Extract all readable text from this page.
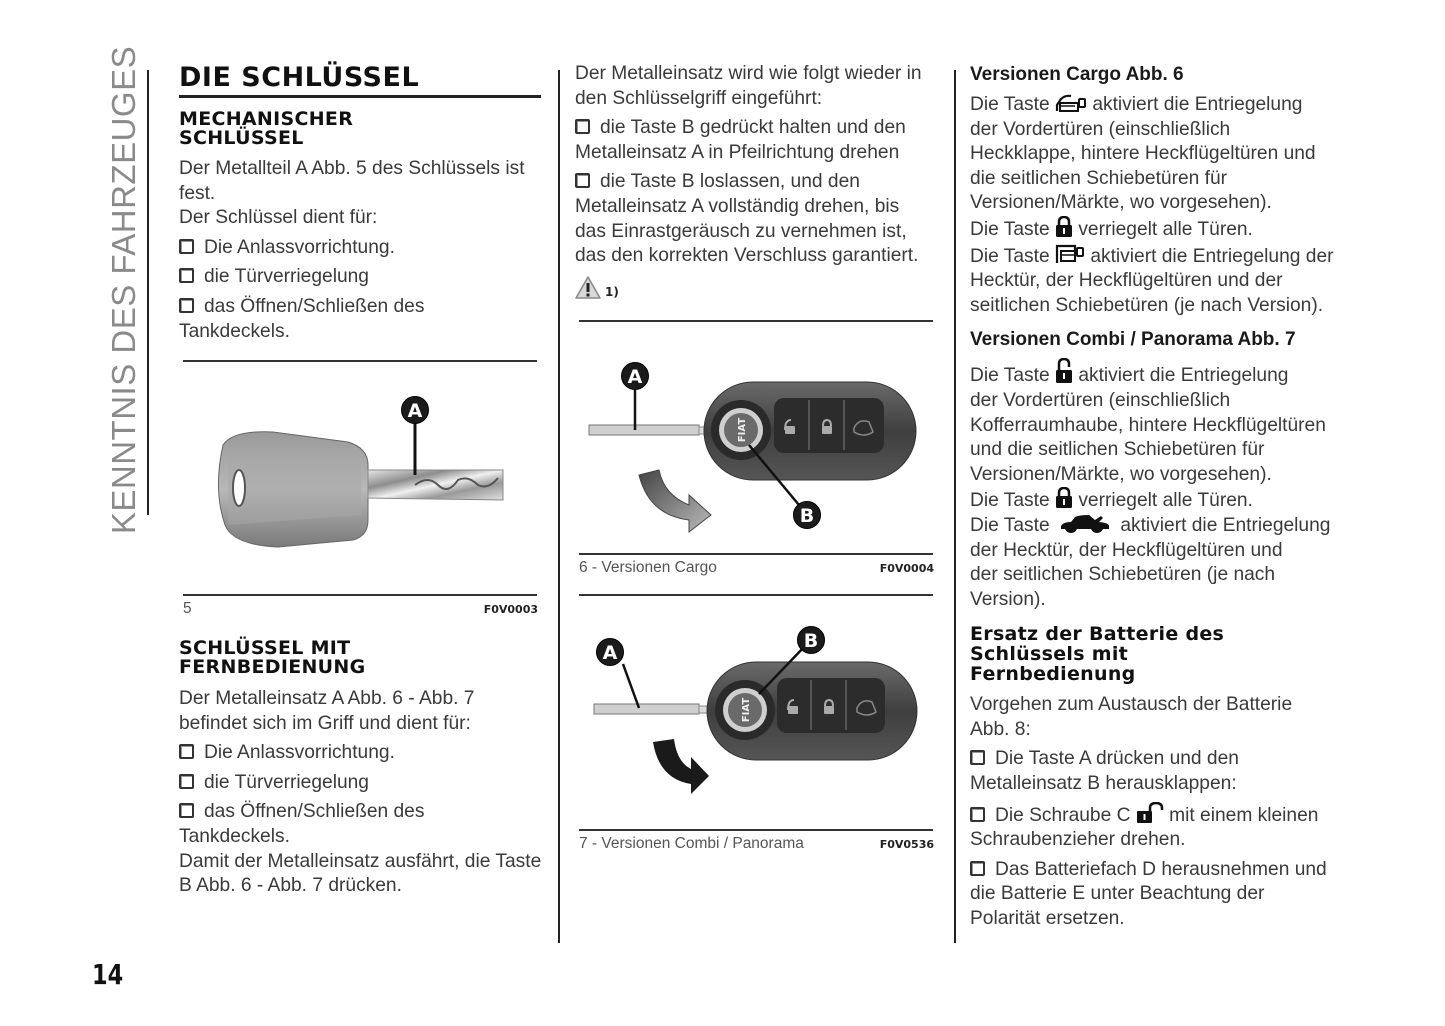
KENNTNIS DES FAHRZEUGES
14
DIE SCHLÜSSEL
MECHANISCHER
SCHLÜSSEL
Der Metallteil A Abb. 5 des Schlüssels ist
fest.
Der Schlüssel dient für:
Die Anlassvorrichtung.
die Türverriegelung
das Öffnen/Schließen des
Tankdeckels.
A
5	F0V0003
SCHLÜSSEL MIT
FERNBEDIENUNG
Der Metalleinsatz A Abb. 6 - Abb. 7
befindet sich im Griff und dient für:
Die Anlassvorrichtung.
die Türverriegelung
das Öffnen/Schließen des
Tankdeckels.
Damit der Metalleinsatz ausfährt, die Taste
B Abb. 6 - Abb. 7 drücken.
Der Metalleinsatz wird wie folgt wieder in
den Schlüsselgriff eingeführt:
die Taste B gedrückt halten und den
Metalleinsatz A in Pfeilrichtung drehen
die Taste B loslassen, und den
Metalleinsatz A vollständig drehen, bis
das Einrastgeräusch zu vernehmen ist,
das den korrekten Verschluss garantiert.
1)
FIAT
A
B
6 - Versionen Cargo	F0V0004
FIAT
A
B
7 - Versionen Combi / Panorama	F0V0536
Versionen Cargo Abb. 6
Die Taste aktiviert die Entriegelung
der Vordertüren (einschließlich
Heckklappe, hintere Heckflügeltüren und
die seitlichen Schiebetüren für
Versionen/Märkte, wo vorgesehen).
Die Taste verriegelt alle Türen.
Die Taste aktiviert die Entriegelung der
Hecktür, der Heckflügeltüren und der
seitlichen Schiebetüren (je nach Version).
Versionen Combi / Panorama Abb. 7
Die Taste aktiviert die Entriegelung
der Vordertüren (einschließlich
Kofferraumhaube, hintere Heckflügeltüren
und die seitlichen Schiebetüren für
Versionen/Märkte, wo vorgesehen).
Die Taste verriegelt alle Türen.
Die Taste	aktiviert die Entriegelung
der Hecktür, der Heckflügeltüren und
der seitlichen Schiebetüren (je nach
Version).
Ersatz der Batterie des
Schlüssels mit
Fernbedienung
Vorgehen zum Austausch der Batterie
Abb. 8:
Die Taste A drücken und den
Metalleinsatz B herausklappen:
Die Schraube C mit einem kleinen
Schraubenzieher drehen.
Das Batteriefach D herausnehmen und
die Batterie E unter Beachtung der
Polarität ersetzen.
